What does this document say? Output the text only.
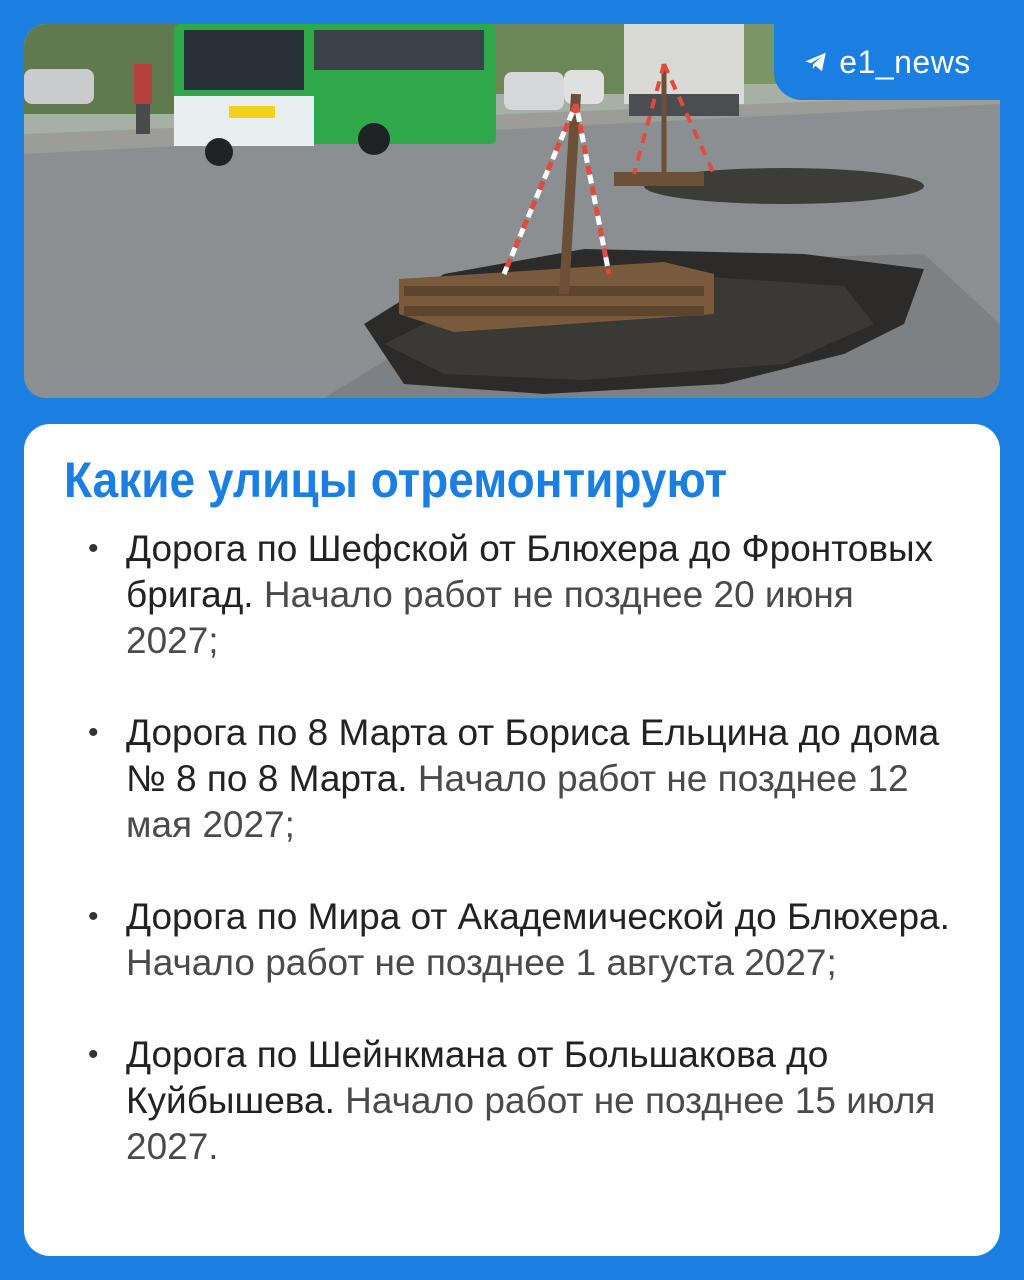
e1_news
Какие улицы отремонтируют
• Дорога по Шефской от Блюхера до Фронтовых бригад. Начало работ не позднее 20 июня 2027;
• Дорога по 8 Марта от Бориса Ельцина до дома № 8 по 8 Марта. Начало работ не позднее 12 мая 2027;
• Дорога по Мира от Академической до Блюхера. Начало работ не позднее 1 августа 2027;
• Дорога по Шейнкмана от Большакова до Куйбышева. Начало работ не позднее 15 июля 2027.
